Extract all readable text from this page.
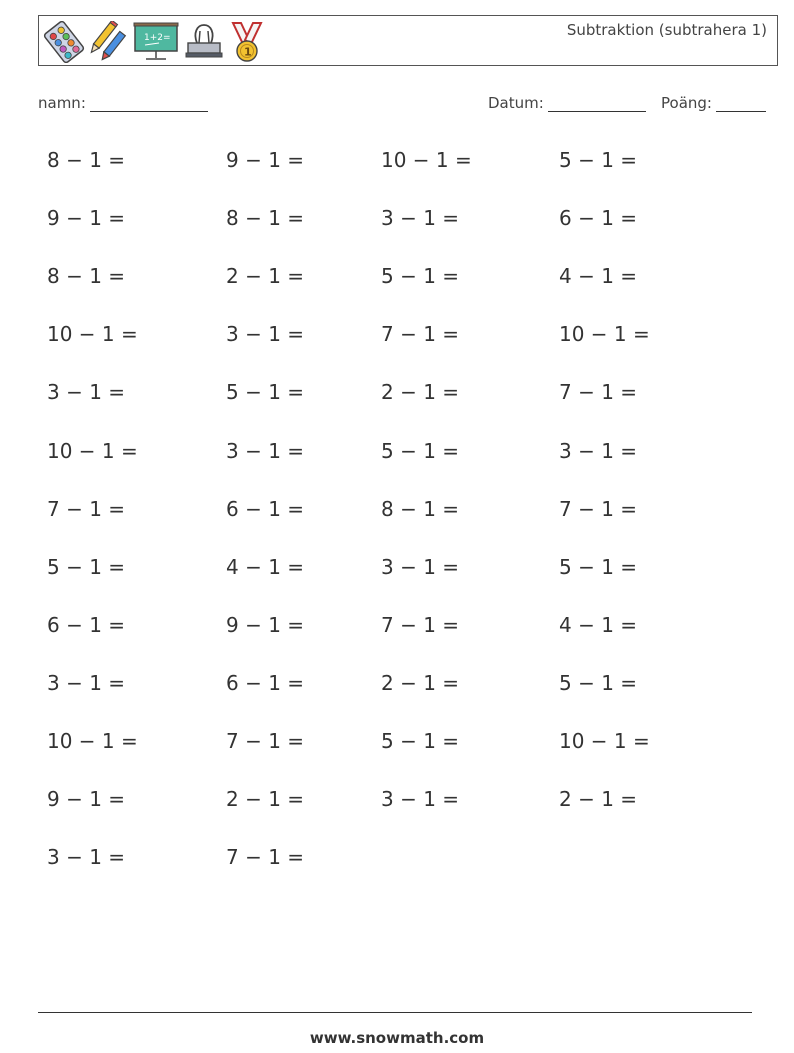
1+2=
1
Subtraktion (subtrahera 1)
namn:	Datum:	Poäng:
8 − 1 =
9 − 1 =
8 − 1 =
10 − 1 =
3 − 1 =
10 − 1 =
7 − 1 =
5 − 1 =
6 − 1 =
3 − 1 =
10 − 1 =
9 − 1 =
3 − 1 =
9 − 1 =
8 − 1 =
2 − 1 =
3 − 1 =
5 − 1 =
3 − 1 =
6 − 1 =
4 − 1 =
9 − 1 =
6 − 1 =
7 − 1 =
2 − 1 =
7 − 1 =
10 − 1 =
3 − 1 =
5 − 1 =
7 − 1 =
2 − 1 =
5 − 1 =
8 − 1 =
3 − 1 =
7 − 1 =
2 − 1 =
5 − 1 =
3 − 1 =
5 − 1 =
6 − 1 =
4 − 1 =
10 − 1 =
7 − 1 =
3 − 1 =
7 − 1 =
5 − 1 =
4 − 1 =
5 − 1 =
10 − 1 =
2 − 1 =
www.snowmath.com
